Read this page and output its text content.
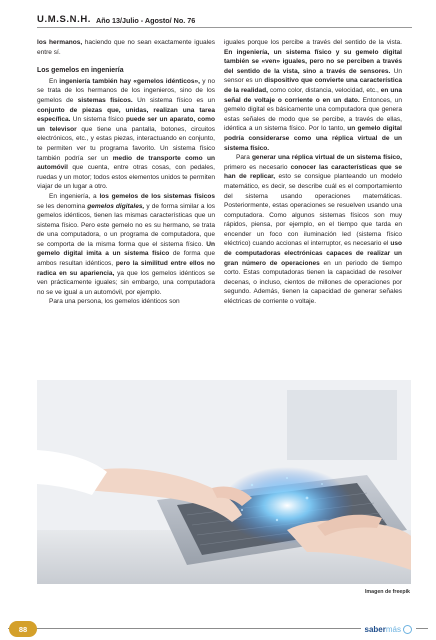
U.M.S.N.H. Año 13/Julio - Agosto/ No. 76

los hermanos, haciendo que no sean exactamente iguales entre sí.

Los gemelos en ingeniería

En ingeniería también hay «gemelos idénticos», y no se trata de los hermanos de los ingenieros, sino de los gemelos de sistemas físicos. Un sistema físico es un conjunto de piezas que, unidas, realizan una tarea específica. Un sistema físico puede ser un aparato, como un televisor que tiene una pantalla, botones, circuitos electrónicos, etc., y estas piezas, interactuando en conjunto, te permiten ver tu programa favorito. Un sistema físico también podría ser un medio de transporte como un automóvil que cuenta, entre otras cosas, con pedales, ruedas y un motor; todos estos elementos unidos te permiten viajar de un lugar a otro.

En ingeniería, a los gemelos de los sistemas físicos se les denomina gemelos digitales, y de forma similar a los gemelos idénticos, tienen las mismas características que un sistema físico. Pero este gemelo no es su hermano, se trata de una computadora, o un programa de computadora, que se comporta de la misma forma que el sistema físico. Un gemelo digital imita a un sistema físico de forma que ambos resultan idénticos, pero la similitud entre ellos no radica en su apariencia, ya que los gemelos idénticos se ven prácticamente iguales; sin embargo, una computadora no se ve igual a un automóvil, por ejemplo.

Para una persona, los gemelos idénticos son

iguales porque los percibe a través del sentido de la vista. En ingeniería, un sistema físico y su gemelo digital también se «ven» iguales, pero no se perciben a través del sentido de la vista, sino a través de sensores. Un sensor es un dispositivo que convierte una característica de la realidad, como color, distancia, velocidad, etc., en una señal de voltaje o corriente o en un dato. Entonces, un gemelo digital es básicamente una computadora que genera estas señales de modo que se percibe, a través de ellas, idéntica a un sistema físico. Por lo tanto, un gemelo digital podría considerarse como una réplica virtual de un sistema físico.

Para generar una réplica virtual de un sistema físico, primero es necesario conocer las características que se han de replicar, esto se consigue planteando un modelo matemático, es decir, se describe cuál es el comportamiento del sistema usando operaciones matemáticas. Posteriormente, estas operaciones se resuelven usando una computadora. Como algunos sistemas físicos son muy rápidos, piensa, por ejemplo, en el tiempo que tarda en encender un foco con iluminación led (sistema físico eléctrico) cuando accionas el interruptor, es necesario el uso de computadoras electrónicas capaces de realizar un gran número de operaciones en un periodo de tiempo corto. Estas computadoras tienen la capacidad de resolver decenas, o incluso, cientos de millones de operaciones por segundo. Además, tienen la capacidad de generar señales eléctricas de corriente o voltaje.

Imagen de freepik
88	saber más
